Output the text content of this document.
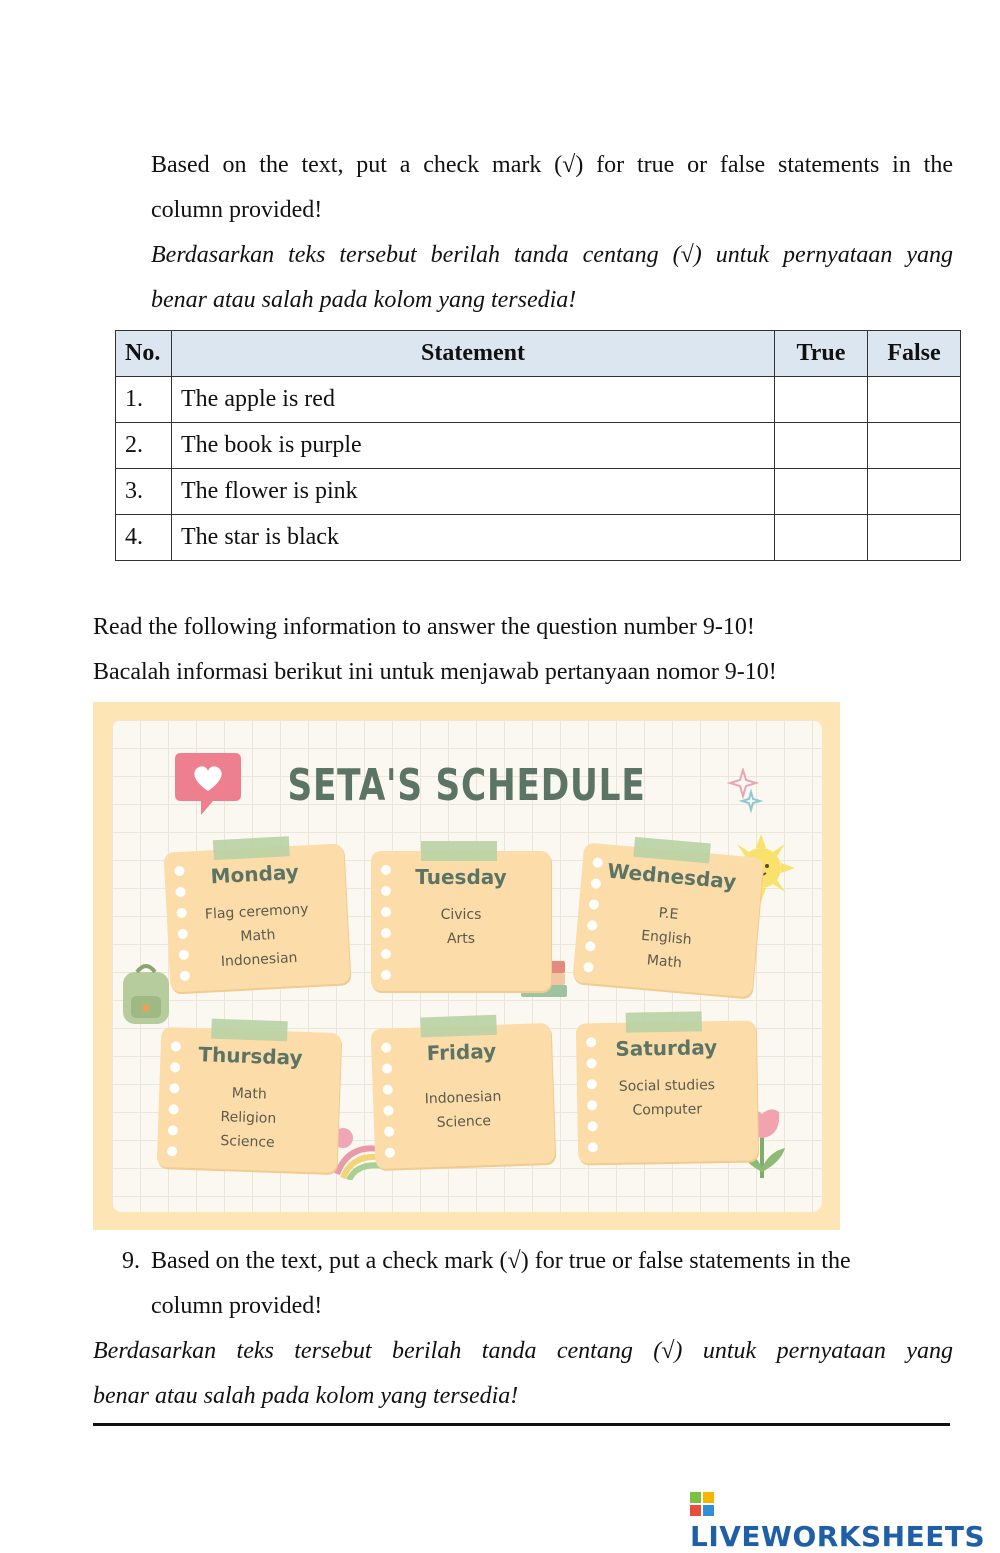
Based on the text, put a check mark (√) for true or false statements in the

column provided!

Berdasarkan teks tersebut berilah tanda centang (√) untuk pernyataan yang

benar atau salah pada kolom yang tersedia!

No.	Statement	True	False
1.	The apple is red		
2.	The book is purple		
3.	The flower is pink		
4.	The star is black		

Read the following information to answer the question number 9-10!

Bacalah informasi berikut ini untuk menjawab pertanyaan nomor 9-10!

SETA'S SCHEDULE
Monday
Flag ceremony
Math
Indonesian
Tuesday
Civics
Arts
Wednesday
P.E
English
Math
Thursday
Math
Religion
Science
Friday
Indonesian
Science
Saturday
Social studies
Computer

9. Based on the text, put a check mark (√) for true or false statements in the

column provided!

Berdasarkan teks tersebut berilah tanda centang (√) untuk pernyataan yang

benar atau salah pada kolom yang tersedia!

LIVEWORKSHEETS
